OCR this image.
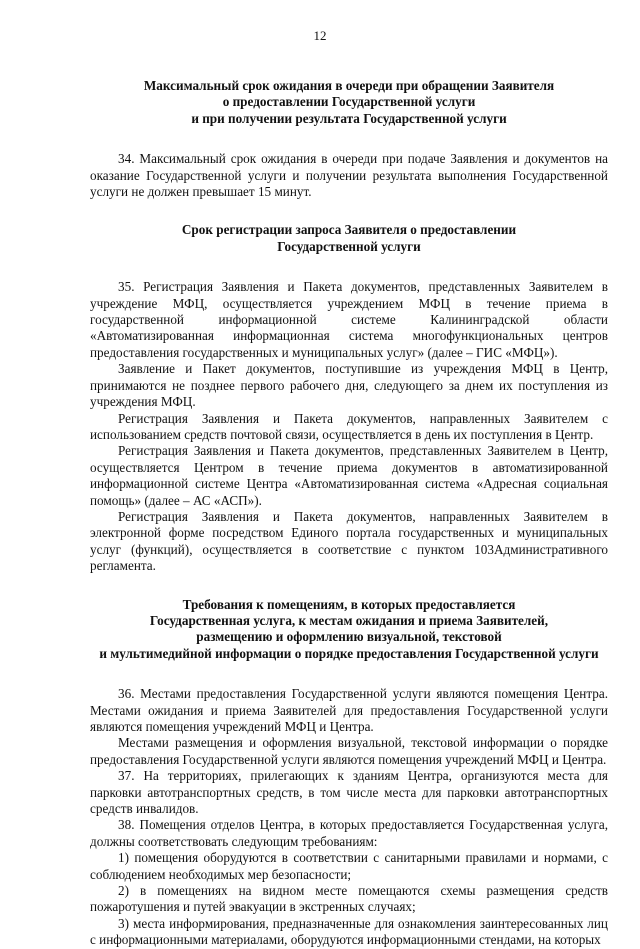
12
Максимальный срок ожидания в очереди при обращении Заявителя
о предоставлении Государственной услуги
и при получении результата Государственной услуги

34. Максимальный срок ожидания в очереди при подаче Заявления и документов на оказание Государственной услуги и получении результата выполнения Государственной услуги не должен превышает 15 минут.

Срок регистрации запроса Заявителя о предоставлении
Государственной услуги

35. Регистрация Заявления и Пакета документов, представленных Заявителем в учреждение МФЦ, осуществляется учреждением МФЦ в течение приема в государственной информационной системе Калининградской области «Автоматизированная информационная система многофункциональных центров предоставления государственных и муниципальных услуг» (далее – ГИС «МФЦ»).

Заявление и Пакет документов, поступившие из учреждения МФЦ в Центр, принимаются не позднее первого рабочего дня, следующего за днем их поступления из учреждения МФЦ.

Регистрация Заявления и Пакета документов, направленных Заявителем с использованием средств почтовой связи, осуществляется в день их поступления в Центр.

Регистрация Заявления и Пакета документов, представленных Заявителем в Центр, осуществляется Центром в течение приема документов в автоматизированной информационной системе Центра «Автоматизированная система «Адресная социальная помощь» (далее – АС «АСП»).

Регистрация Заявления и Пакета документов, направленных Заявителем в электронной форме посредством Единого портала государственных и муниципальных услуг (функций), осуществляется в соответствие с пунктом 103Административного регламента.

Требования к помещениям, в которых предоставляется
Государственная услуга, к местам ожидания и приема Заявителей,
размещению и оформлению визуальной, текстовой
и мультимедийной информации о порядке предоставления Государственной услуги

36. Местами предоставления Государственной услуги являются помещения Центра. Местами ожидания и приема Заявителей для предоставления Государственной услуги являются помещения учреждений МФЦ и Центра.

Местами размещения и оформления визуальной, текстовой информации о порядке предоставления Государственной услуги являются помещения учреждений МФЦ и Центра.

37. На территориях, прилегающих к зданиям Центра, организуются места для парковки автотранспортных средств, в том числе места для парковки автотранспортных средств инвалидов.

38. Помещения отделов Центра, в которых предоставляется Государственная услуга, должны соответствовать следующим требованиям:

1) помещения оборудуются в соответствии с санитарными правилами и нормами, с соблюдением необходимых мер безопасности;

2) в помещениях на видном месте помещаются схемы размещения средств пожаротушения и путей эвакуации в экстренных случаях;

3) места информирования, предназначенные для ознакомления заинтересованных лиц с информационными материалами, оборудуются информационными стендами, на которых
